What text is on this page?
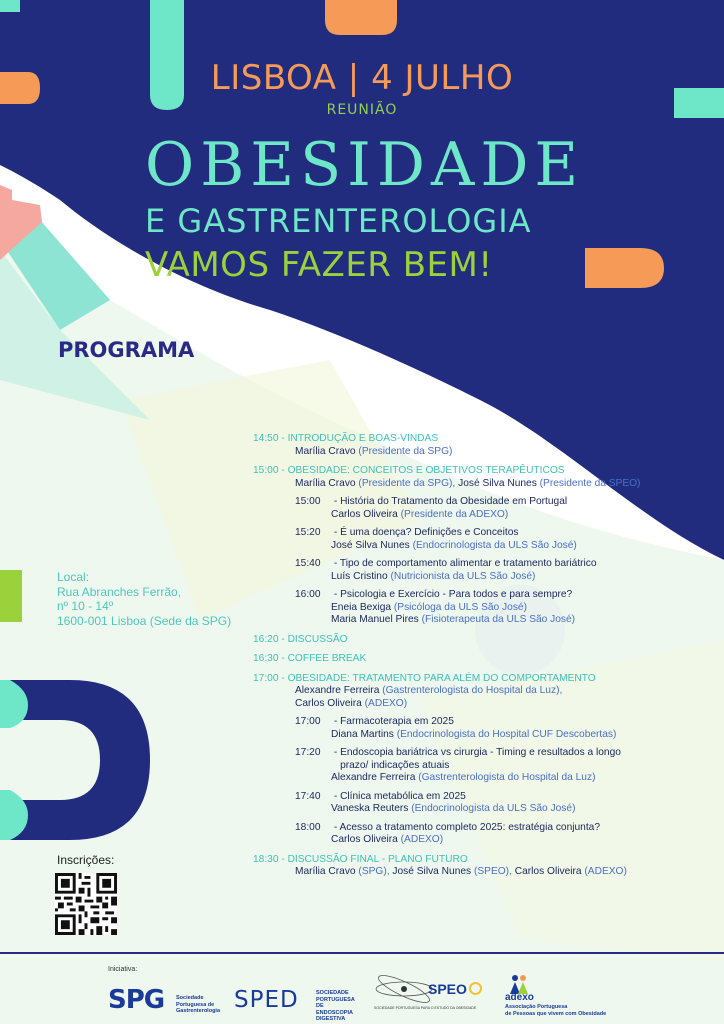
LISBOA | 4 JULHO
REUNIÃO
OBESIDADE
E GASTRENTEROLOGIA
VAMOS FAZER BEM!
PROGRAMA
Local:
Rua Abranches Ferrão,
nº 10 - 14º
1600-001 Lisboa (Sede da SPG)
Inscrições:
14:50 - INTRODUÇÃO E BOAS-VINDAS
Marília Cravo (Presidente da SPG)
15:00 - OBESIDADE: CONCEITOS E OBJETIVOS TERAPÊUTICOS
Marília Cravo (Presidente da SPG), José Silva Nunes (Presidente da SPEO)
15:00 - História do Tratamento da Obesidade em Portugal
Carlos Oliveira (Presidente da ADEXO)
15:20 - É uma doença? Definições e Conceitos
José Silva Nunes (Endocrinologista da ULS São José)
15:40 - Tipo de comportamento alimentar e tratamento bariátrico
Luís Cristino (Nutricionista da ULS São José)
16:00 - Psicologia e Exercício - Para todos e para sempre?
Eneia Bexiga (Psicóloga da ULS São José)
Maria Manuel Pires (Fisioterapeuta da ULS São José)
16:20 - DISCUSSÃO
16:30 - COFFEE BREAK
17:00 - OBESIDADE: TRATAMENTO PARA ALÉM DO COMPORTAMENTO
Alexandre Ferreira (Gastrenterologista do Hospital da Luz),
Carlos Oliveira (ADEXO)
17:00 - Farmacoterapia em 2025
Diana Martins (Endocrinologista do Hospital CUF Descobertas)
17:20	- Endoscopia bariátrica vs cirurgia - Timing e resultados a longo prazo/ indicações atuais
Alexandre Ferreira (Gastrenterologista do Hospital da Luz)
17:40 - Clínica metabólica em 2025
Vaneska Reuters (Endocrinologista da ULS São José)
18:00 - Acesso a tratamento completo 2025: estratégia conjunta?
Carlos Oliveira (ADEXO)
18:30 - DISCUSSÃO FINAL - PLANO FUTURO
Marília Cravo (SPG), José Silva Nunes (SPEO), Carlos Oliveira (ADEXO)
Iniciativa:
SPG Sociedade
Portuguesa de
Gastrenterologia SPED	SOCIEDADE
PORTUGUESA
DE ENDOSCOPIA
DIGESTIVA
SPEO
SOCIEDADE PORTUGUESA PARA O ESTUDO DA OBESIDADE
adexo
Associação Portuguesa
de Pessoas que vivem com Obesidade
